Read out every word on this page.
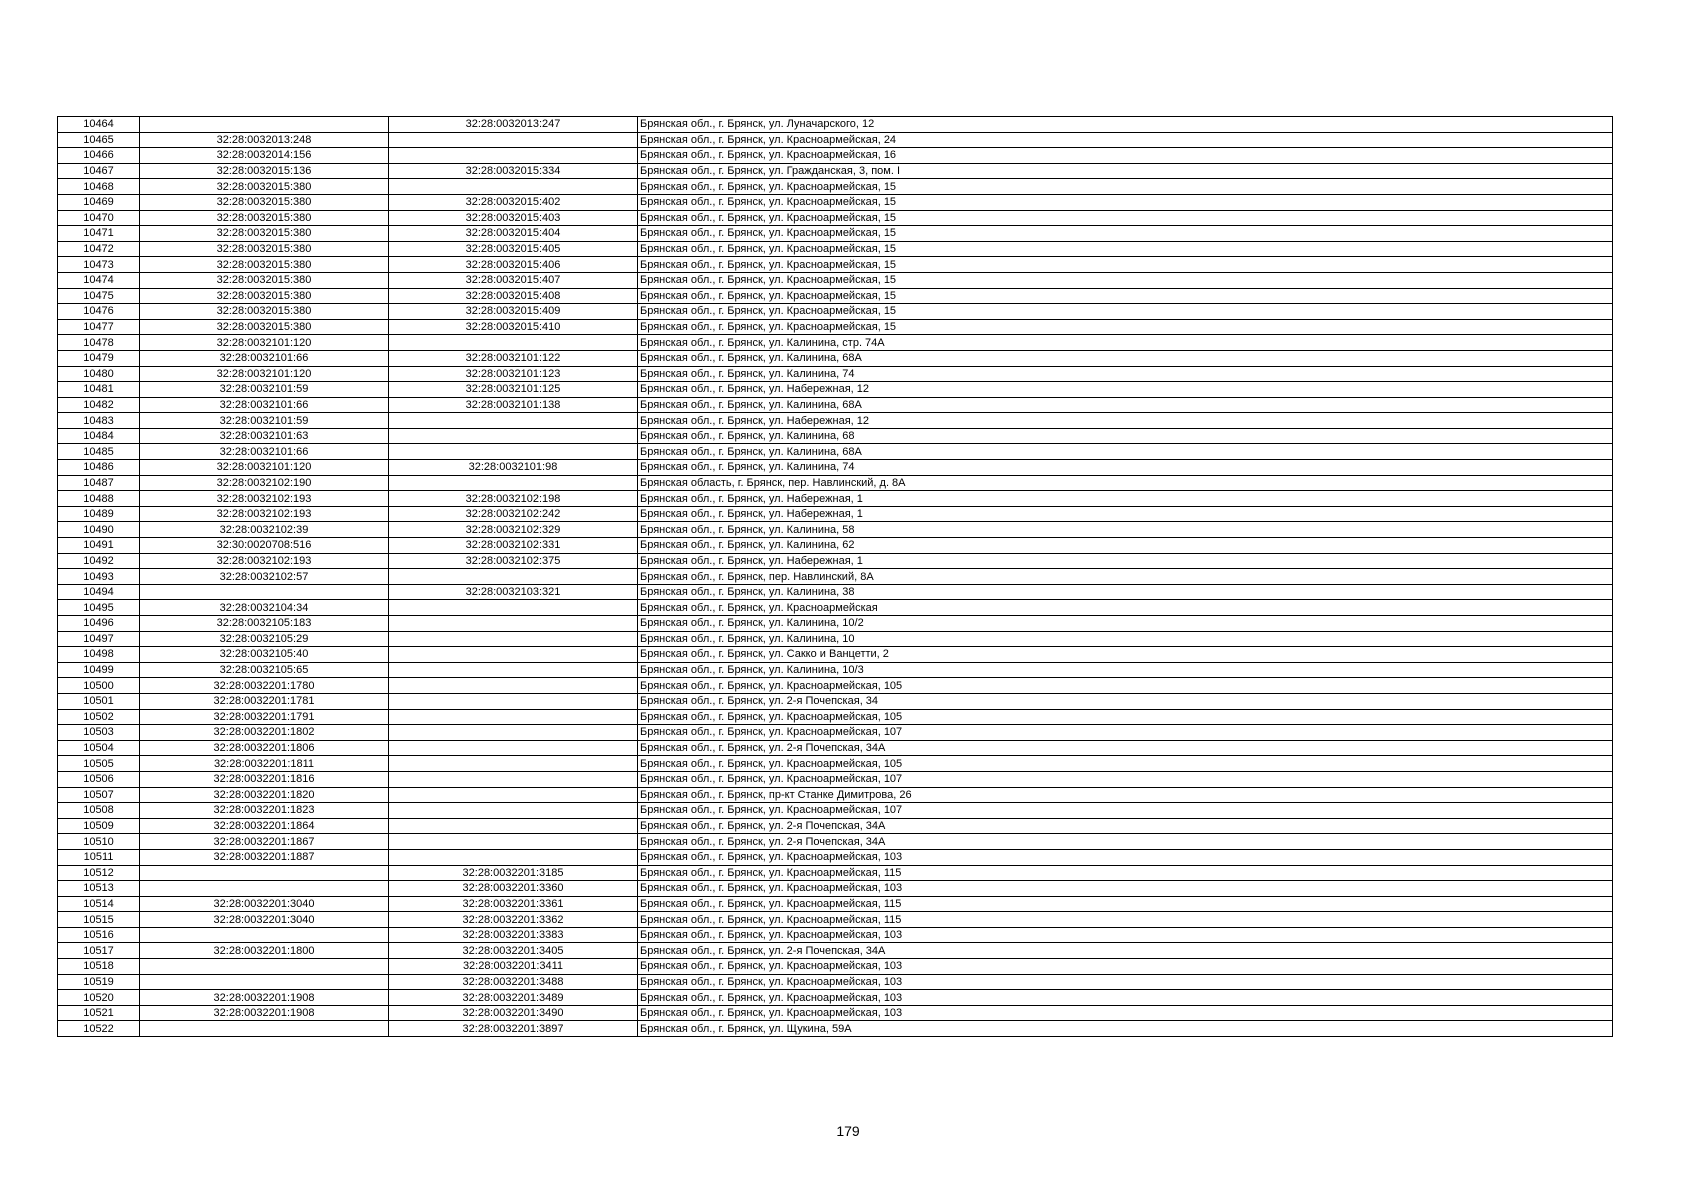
10464		32:28:0032013:247	Брянская обл., г. Брянск, ул. Луначарского, 12
10465	32:28:0032013:248		Брянская обл., г. Брянск, ул. Красноармейская, 24
10466	32:28:0032014:156		Брянская обл., г. Брянск, ул. Красноармейская, 16
10467	32:28:0032015:136	32:28:0032015:334	Брянская обл., г. Брянск, ул. Гражданская, 3, пом. I
10468	32:28:0032015:380		Брянская обл., г. Брянск, ул. Красноармейская, 15
10469	32:28:0032015:380	32:28:0032015:402	Брянская обл., г. Брянск, ул. Красноармейская, 15
10470	32:28:0032015:380	32:28:0032015:403	Брянская обл., г. Брянск, ул. Красноармейская, 15
10471	32:28:0032015:380	32:28:0032015:404	Брянская обл., г. Брянск, ул. Красноармейская, 15
10472	32:28:0032015:380	32:28:0032015:405	Брянская обл., г. Брянск, ул. Красноармейская, 15
10473	32:28:0032015:380	32:28:0032015:406	Брянская обл., г. Брянск, ул. Красноармейская, 15
10474	32:28:0032015:380	32:28:0032015:407	Брянская обл., г. Брянск, ул. Красноармейская, 15
10475	32:28:0032015:380	32:28:0032015:408	Брянская обл., г. Брянск, ул. Красноармейская, 15
10476	32:28:0032015:380	32:28:0032015:409	Брянская обл., г. Брянск, ул. Красноармейская, 15
10477	32:28:0032015:380	32:28:0032015:410	Брянская обл., г. Брянск, ул. Красноармейская, 15
10478	32:28:0032101:120		Брянская обл., г. Брянск, ул. Калинина, стр. 74А
10479	32:28:0032101:66	32:28:0032101:122	Брянская обл., г. Брянск, ул. Калинина, 68А
10480	32:28:0032101:120	32:28:0032101:123	Брянская обл., г. Брянск, ул. Калинина, 74
10481	32:28:0032101:59	32:28:0032101:125	Брянская обл., г. Брянск, ул. Набережная, 12
10482	32:28:0032101:66	32:28:0032101:138	Брянская обл., г. Брянск, ул. Калинина, 68А
10483	32:28:0032101:59		Брянская обл., г. Брянск, ул. Набережная, 12
10484	32:28:0032101:63		Брянская обл., г. Брянск, ул. Калинина, 68
10485	32:28:0032101:66		Брянская обл., г. Брянск, ул. Калинина, 68А
10486	32:28:0032101:120	32:28:0032101:98	Брянская обл., г. Брянск, ул. Калинина, 74
10487	32:28:0032102:190		Брянская область, г. Брянск, пер. Навлинский, д. 8А
10488	32:28:0032102:193	32:28:0032102:198	Брянская обл., г. Брянск, ул. Набережная, 1
10489	32:28:0032102:193	32:28:0032102:242	Брянская обл., г. Брянск, ул. Набережная, 1
10490	32:28:0032102:39	32:28:0032102:329	Брянская обл., г. Брянск, ул. Калинина, 58
10491	32:30:0020708:516	32:28:0032102:331	Брянская обл., г. Брянск, ул. Калинина, 62
10492	32:28:0032102:193	32:28:0032102:375	Брянская обл., г. Брянск, ул. Набережная, 1
10493	32:28:0032102:57		Брянская обл., г. Брянск, пер. Навлинский, 8А
10494		32:28:0032103:321	Брянская обл., г. Брянск, ул. Калинина, 38
10495	32:28:0032104:34		Брянская обл., г. Брянск, ул. Красноармейская
10496	32:28:0032105:183		Брянская обл., г. Брянск, ул. Калинина, 10/2
10497	32:28:0032105:29		Брянская обл., г. Брянск, ул. Калинина, 10
10498	32:28:0032105:40		Брянская обл., г. Брянск, ул. Сакко и Ванцетти, 2
10499	32:28:0032105:65		Брянская обл., г. Брянск, ул. Калинина, 10/3
10500	32:28:0032201:1780		Брянская обл., г. Брянск, ул. Красноармейская, 105
10501	32:28:0032201:1781		Брянская обл., г. Брянск, ул. 2-я Почепская, 34
10502	32:28:0032201:1791		Брянская обл., г. Брянск, ул. Красноармейская, 105
10503	32:28:0032201:1802		Брянская обл., г. Брянск, ул. Красноармейская, 107
10504	32:28:0032201:1806		Брянская обл., г. Брянск, ул. 2-я Почепская, 34А
10505	32:28:0032201:1811		Брянская обл., г. Брянск, ул. Красноармейская, 105
10506	32:28:0032201:1816		Брянская обл., г. Брянск, ул. Красноармейская, 107
10507	32:28:0032201:1820		Брянская обл., г. Брянск, пр-кт Станке Димитрова, 26
10508	32:28:0032201:1823		Брянская обл., г. Брянск, ул. Красноармейская, 107
10509	32:28:0032201:1864		Брянская обл., г. Брянск, ул. 2-я Почепская, 34А
10510	32:28:0032201:1867		Брянская обл., г. Брянск, ул. 2-я Почепская, 34А
10511	32:28:0032201:1887		Брянская обл., г. Брянск, ул. Красноармейская, 103
10512		32:28:0032201:3185	Брянская обл., г. Брянск, ул. Красноармейская, 115
10513		32:28:0032201:3360	Брянская обл., г. Брянск, ул. Красноармейская, 103
10514	32:28:0032201:3040	32:28:0032201:3361	Брянская обл., г. Брянск, ул. Красноармейская, 115
10515	32:28:0032201:3040	32:28:0032201:3362	Брянская обл., г. Брянск, ул. Красноармейская, 115
10516		32:28:0032201:3383	Брянская обл., г. Брянск, ул. Красноармейская, 103
10517	32:28:0032201:1800	32:28:0032201:3405	Брянская обл., г. Брянск, ул. 2-я Почепская, 34А
10518		32:28:0032201:3411	Брянская обл., г. Брянск, ул. Красноармейская, 103
10519		32:28:0032201:3488	Брянская обл., г. Брянск, ул. Красноармейская, 103
10520	32:28:0032201:1908	32:28:0032201:3489	Брянская обл., г. Брянск, ул. Красноармейская, 103
10521	32:28:0032201:1908	32:28:0032201:3490	Брянская обл., г. Брянск, ул. Красноармейская, 103
10522		32:28:0032201:3897	Брянская обл., г. Брянск, ул. Щукина, 59А
179
